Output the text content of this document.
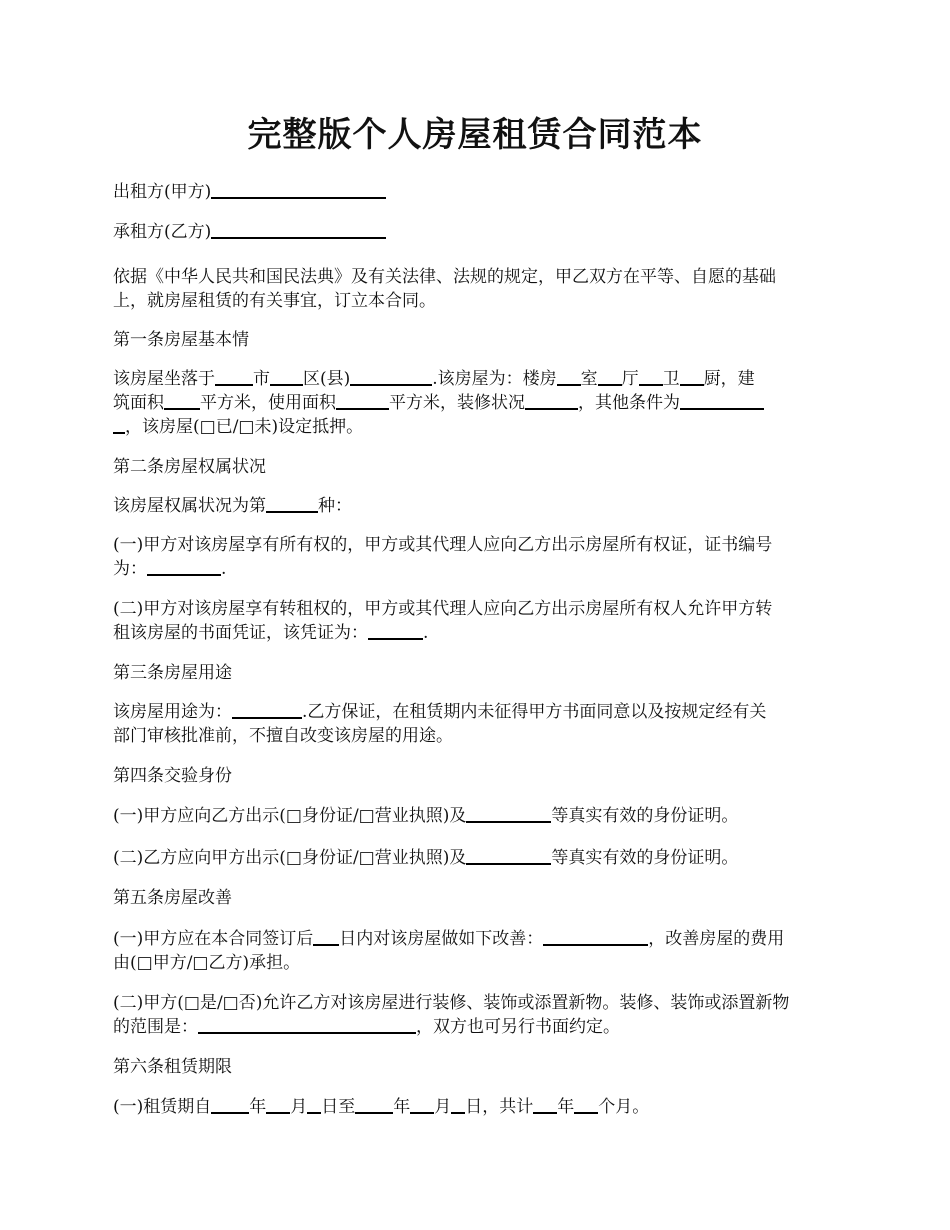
完整版个人房屋租赁合同范本
出租方(甲方)
承租方(乙方)
依据《中华人民共和国民法典》及有关法律、法规的规定，甲乙双方在平等、自愿的基础
上，就房屋租赁的有关事宜，订立本合同。
第一条房屋基本情
该房屋坐落于 市 区(县)	.该房屋为：楼房 室 厅 卫 厨，建
筑面积 平方米，使用面积	平方米，装修状况	，其他条件为
，该房屋(□已/□未)设定抵押。
第二条房屋权属状况
该房屋权属状况为第	种：
(一)甲方对该房屋享有所有权的，甲方或其代理人应向乙方出示房屋所有权证，证书编号
为：	.
(二)甲方对该房屋享有转租权的，甲方或其代理人应向乙方出示房屋所有权人允许甲方转
租该房屋的书面凭证，该凭证为：	.
第三条房屋用途
该房屋用途为：	.乙方保证，在租赁期内未征得甲方书面同意以及按规定经有关
部门审核批准前，不擅自改变该房屋的用途。
第四条交验身份
(一)甲方应向乙方出示(□身份证/□营业执照)及	等真实有效的身份证明。
(二)乙方应向甲方出示(□身份证/□营业执照)及	等真实有效的身份证明。
第五条房屋改善
(一)甲方应在本合同签订后 日内对该房屋做如下改善：	，改善房屋的费用
由(□甲方/□乙方)承担。
(二)甲方(□是/□否)允许乙方对该房屋进行装修、装饰或添置新物。装修、装饰或添置新物
的范围是：	，双方也可另行书面约定。
第六条租赁期限
(一)租赁期自 年 月 日至 年 月 日，共计 年 个月。
